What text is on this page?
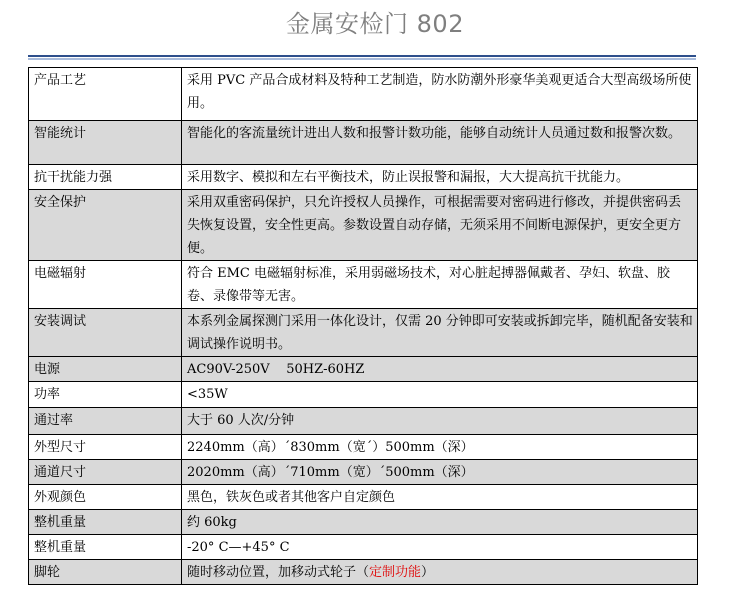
金属安检门 802
产品工艺	采用 PVC 产品合成材料及特种工艺制造，防水防潮外形豪华美观更适合大型高级场所使用。
智能统计	智能化的客流量统计进出人数和报警计数功能，能够自动统计人员通过数和报警次数。
抗干扰能力强	采用数字、模拟和左右平衡技术，防止误报警和漏报，大大提高抗干扰能力。
安全保护	采用双重密码保护，只允许授权人员操作，可根据需要对密码进行修改，并提供密码丢失恢复设置，安全性更高。参数设置自动存储，无须采用不间断电源保护，更安全更方便。
电磁辐射	符合 EMC 电磁辐射标准，采用弱磁场技术，对心脏起搏器佩戴者、孕妇、软盘、胶卷、录像带等无害。
安装调试	本系列金属探测门采用一体化设计，仅需 20 分钟即可安装或拆卸完毕，随机配备安装和调试操作说明书。
电源	AC90V-250V    50HZ-60HZ
功率	<35W
通过率	大于 60 人次/分钟
外型尺寸	2240mm（高）΄830mm（宽΄）500mm（深）
通道尺寸	2020mm（高）΄710mm（宽）΄500mm（深）
外观颜色	黑色，铁灰色或者其他客户自定颜色
整机重量	约 60kg
整机重量	-20° C—+45° C
脚轮	随时移动位置，加移动式轮子（定制功能）
